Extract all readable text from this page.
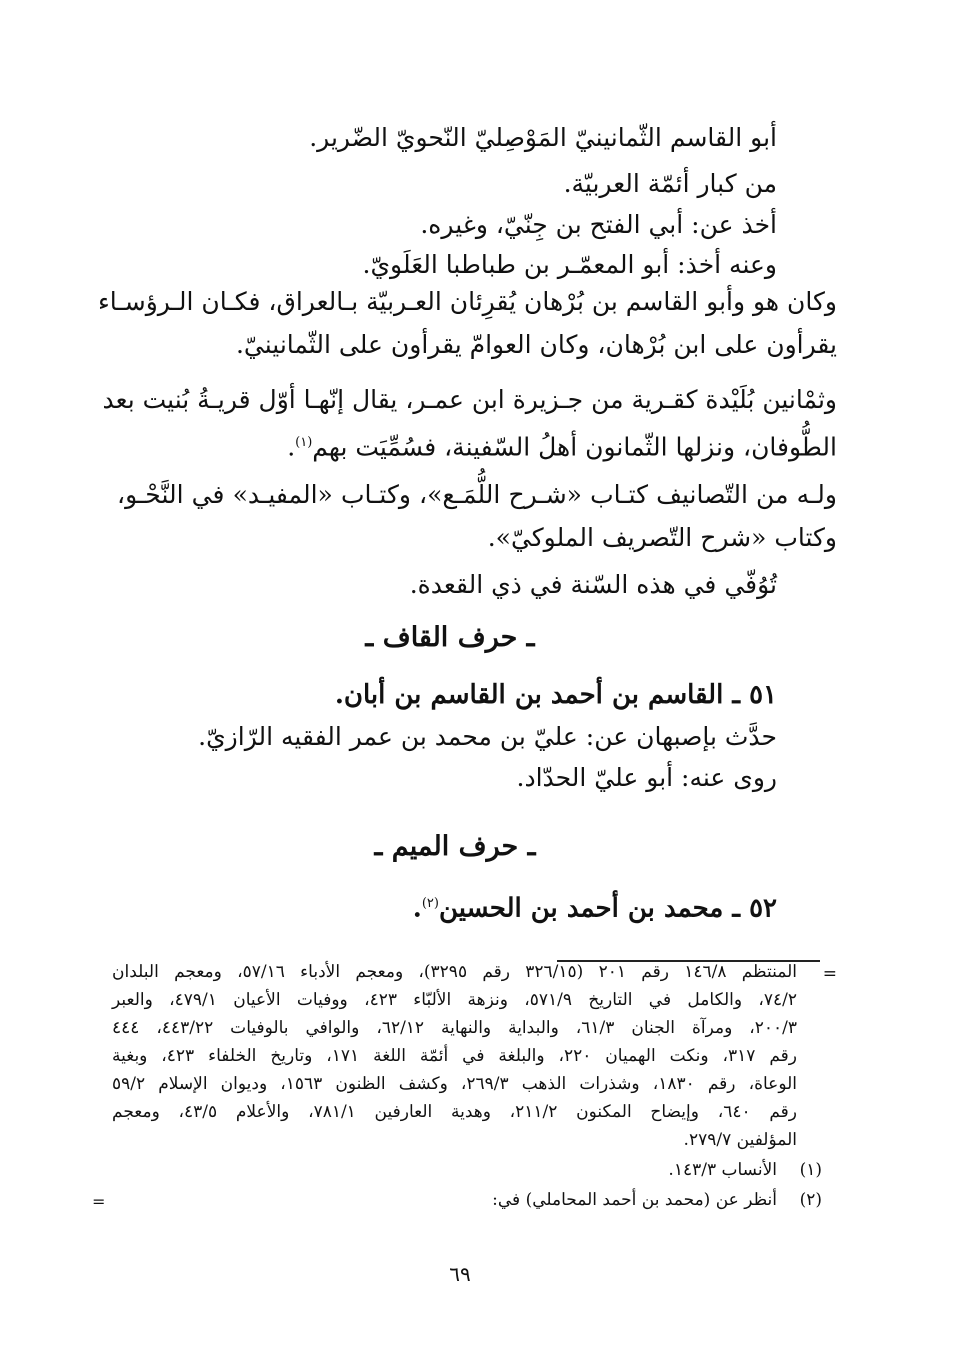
أبو القاسم الثّمانينيّ المَوْصِليّ النّحويّ الضّرير.
من كبار أئمّة العربيّة.
أخذ عن: أبي الفتح بن جِنّيّ، وغيره.
وعنه أخذ: أبو المعمّـر بن طباطبا العَلَويّ.
وكان هو وأبو القاسم بن بُرْهان يُقرِئان العـربيّة بـالعراق، فكـان الـرؤسـاء
يقرأون على ابن بُرْهان، وكان العوامّ يقرأون على الثّمانينيّ.
وثمْانين بُلَيْدة كقـرية من جـزيرة ابن عمـر، يقال إنّهـا أوّل قريـةُ بُنيت بعد
الطُّوفان، ونزلها الثّمانون أهلُ السّفينة، فسُمِّيَت بهم$^{(١)}$.
ولـه من التّصانيف كتـاب «شـرح اللُّمَـع»، وكتـاب «المفيـد» في النَّحْـو،
وكتاب «شرح التّصريف الملوكيّ».
تُوُفّي في هذه السّنة في ذي القعدة.
ـ حرف القاف ـ
٥١ ـ القاسم بن أحمد بن القاسم بن أبان.
حدَّث بإصبهان عن: عليّ بن محمد بن عمر الفقيه الرّازيّ.
روى عنه: أبو عليّ الحدّاد.
ـ حرف الميم ـ
٥٢ ـ محمد بن أحمد بن الحسين$^{(٢)}$.
=
المنتظم ١٤٦/٨ رقم ٢٠١ (٣٢٦/١٥ رقم ٣٢٩٥)، ومعجم الأدباء ٥٧/١٦، ومعجم البلدان
٧٤/٢، والكامل في التاريخ ٥٧١/٩، ونزهة الألبّاء ٤٢٣، ووفيات الأعيان ٤٧٩/١، والعبر
٢٠٠/٣، ومرآة الجنان ٦١/٣، والبداية والنهاية ٦٢/١٢، والوافي بالوفيات ٤٤٣/٢٢، ٤٤٤
رقم ٣١٧، ونكت الهميان ٢٢٠، والبلغة في أئمّة اللغة ١٧١، وتاريخ الخلفاء ٤٢٣، وبغية
الوعاة، رقم ١٨٣٠، وشذرات الذهب ٢٦٩/٣، وكشف الظنون ١٥٦٣، وديوان الإسلام ٥٩/٢
رقم ٦٤٠، وإيضاح المكنون ٢١١/٢، وهدية العارفين ٧٨١/١، والأعلام ٤٣/٥، ومعجم
المؤلفين ٢٧٩/٧.
(١)
الأنساب ١٤٣/٣.
(٢)
أنظر عن (محمد بن أحمد المحاملي) في:
=
٦٩
